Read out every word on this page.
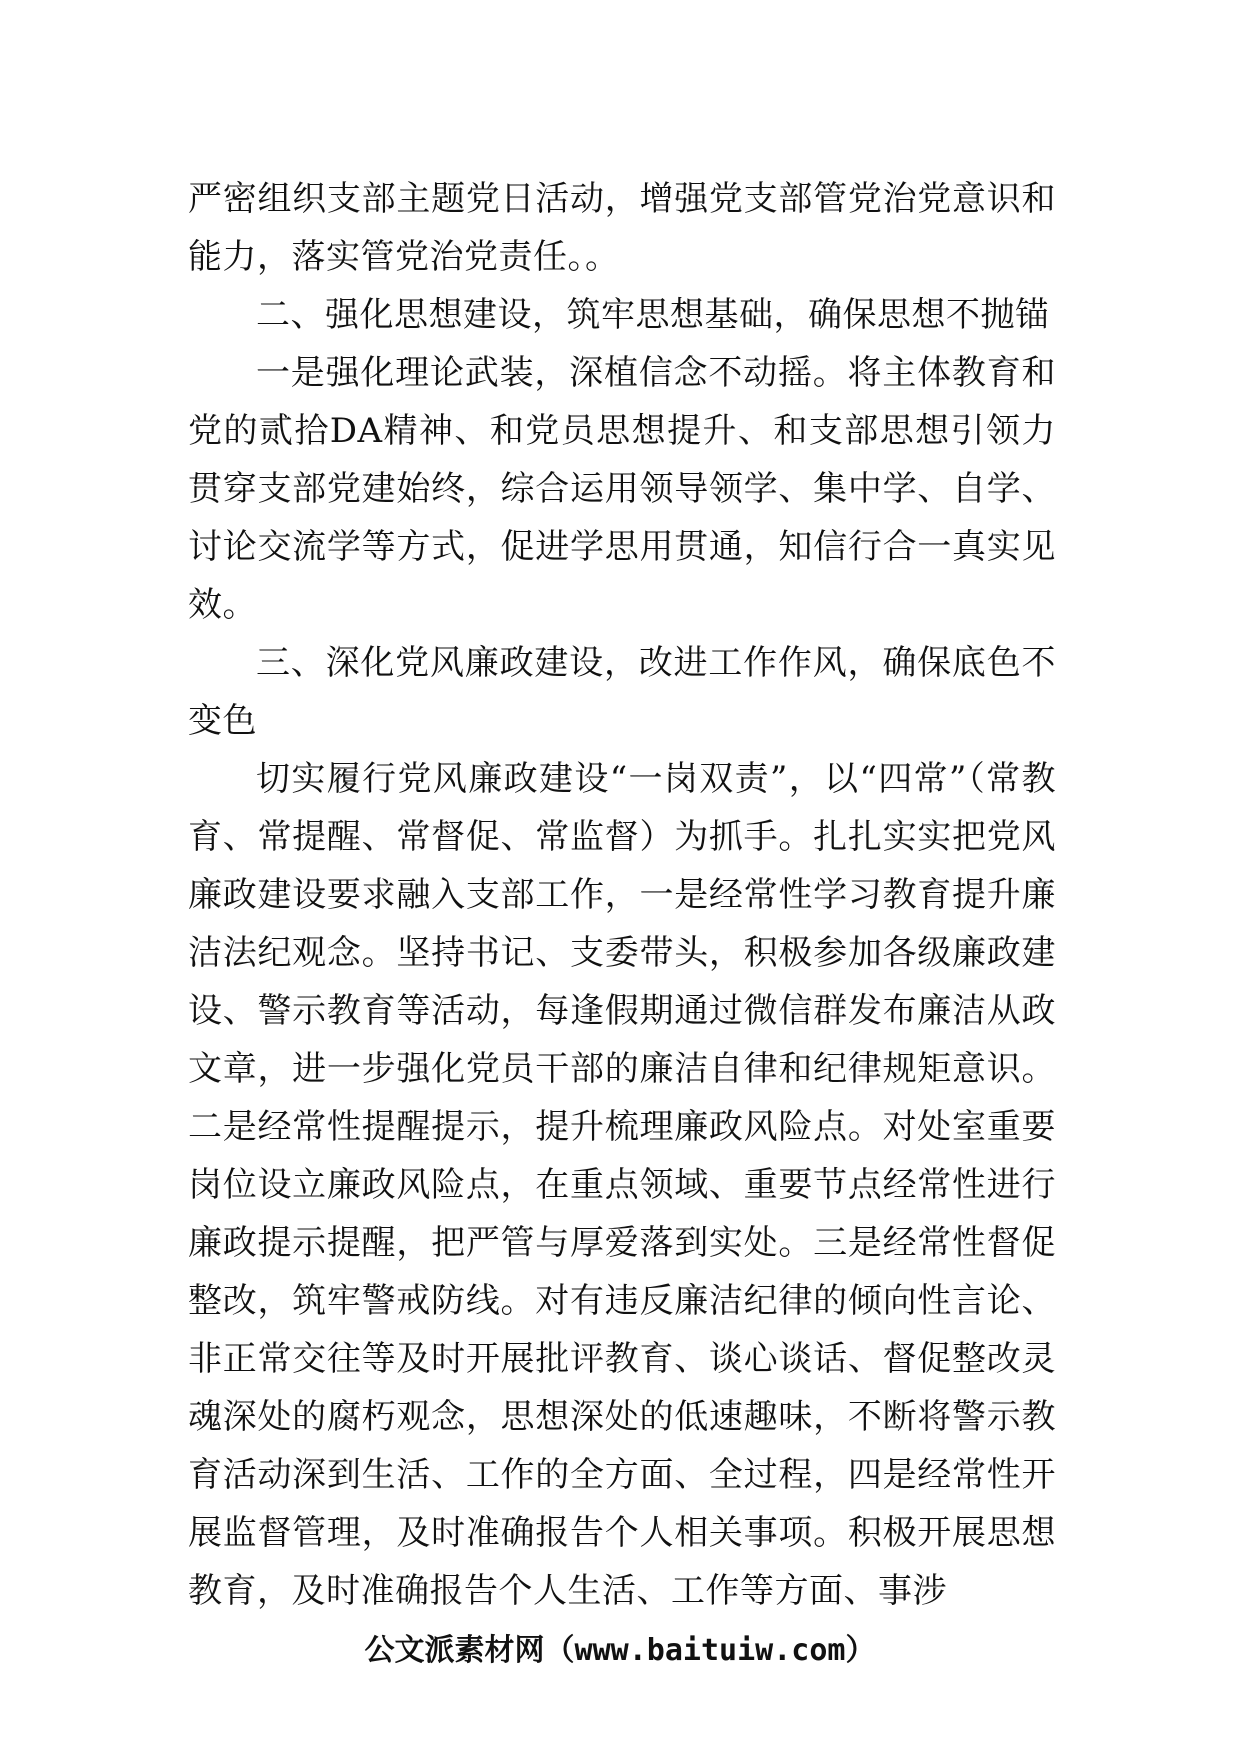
严密组织支部主题党日活动，增强党支部管党治党意识和能力，落实管党治党责任。。

二、强化思想建设，筑牢思想基础，确保思想不抛锚

一是强化理论武装，深植信念不动摇。将主体教育和党的贰拾DA精神、和党员思想提升、和支部思想引领力贯穿支部党建始终，综合运用领导领学、集中学、自学、讨论交流学等方式，促进学思用贯通，知信行合一真实见效。

三、深化党风廉政建设，改进工作作风，确保底色不变色

切实履行党风廉政建设“一岗双责”，以“四常”（常教育、常提醒、常督促、常监督）为抓手。扎扎实实把党风廉政建设要求融入支部工作，一是经常性学习教育提升廉洁法纪观念。坚持书记、支委带头，积极参加各级廉政建设、警示教育等活动，每逢假期通过微信群发布廉洁从政文章，进一步强化党员干部的廉洁自律和纪律规矩意识。二是经常性提醒提示，提升梳理廉政风险点。对处室重要岗位设立廉政风险点，在重点领域、重要节点经常性进行廉政提示提醒，把严管与厚爱落到实处。三是经常性督促整改，筑牢警戒防线。对有违反廉洁纪律的倾向性言论、非正常交往等及时开展批评教育、谈心谈话、督促整改灵魂深处的腐朽观念，思想深处的低速趣味，不断将警示教育活动深到生活、工作的全方面、全过程，四是经常性开展监督管理，及时准确报告个人相关事项。积极开展思想教育，及时准确报告个人生活、工作等方面、事涉

公文派素材网（www.baituiw.com）
